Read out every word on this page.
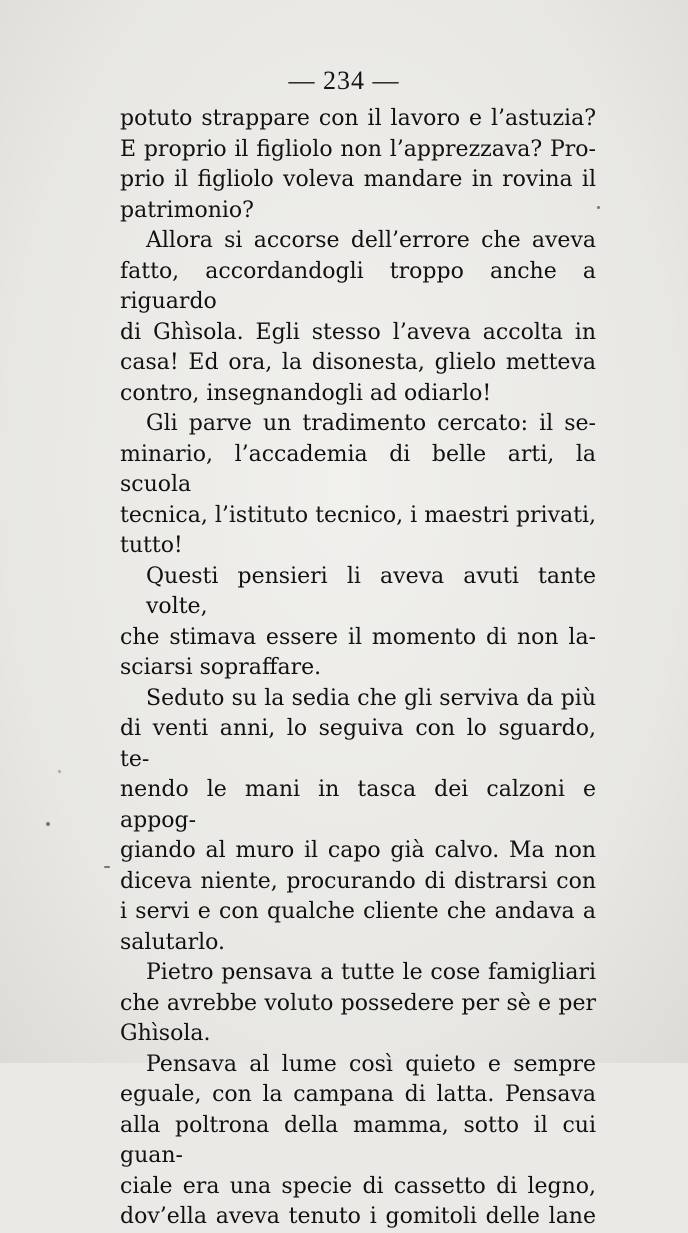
— 234 —
potuto strappare con il lavoro e l’astuzia?
E proprio il figliolo non l’apprezzava? Pro-
prio il figliolo voleva mandare in rovina il
patrimonio?
Allora si accorse dell’errore che aveva
fatto, accordandogli troppo anche a riguardo
di Ghìsola. Egli stesso l’aveva accolta in
casa! Ed ora, la disonesta, glielo metteva
contro, insegnandogli ad odiarlo!
Gli parve un tradimento cercato: il se-
minario, l’accademia di belle arti, la scuola
tecnica, l’istituto tecnico, i maestri privati,
tutto!
Questi pensieri li aveva avuti tante volte,
che stimava essere il momento di non la-
sciarsi sopraffare.
Seduto su la sedia che gli serviva da più
di venti anni, lo seguiva con lo sguardo, te-
nendo le mani in tasca dei calzoni e appog-
giando al muro il capo già calvo. Ma non
diceva niente, procurando di distrarsi con
i servi e con qualche cliente che andava a
salutarlo.
Pietro pensava a tutte le cose famigliari
che avrebbe voluto possedere per sè e per
Ghìsola.
Pensava al lume così quieto e sempre
eguale, con la campana di latta. Pensava
alla poltrona della mamma, sotto il cui guan-
ciale era una specie di cassetto di legno,
dov’ella aveva tenuto i gomitoli delle lane
